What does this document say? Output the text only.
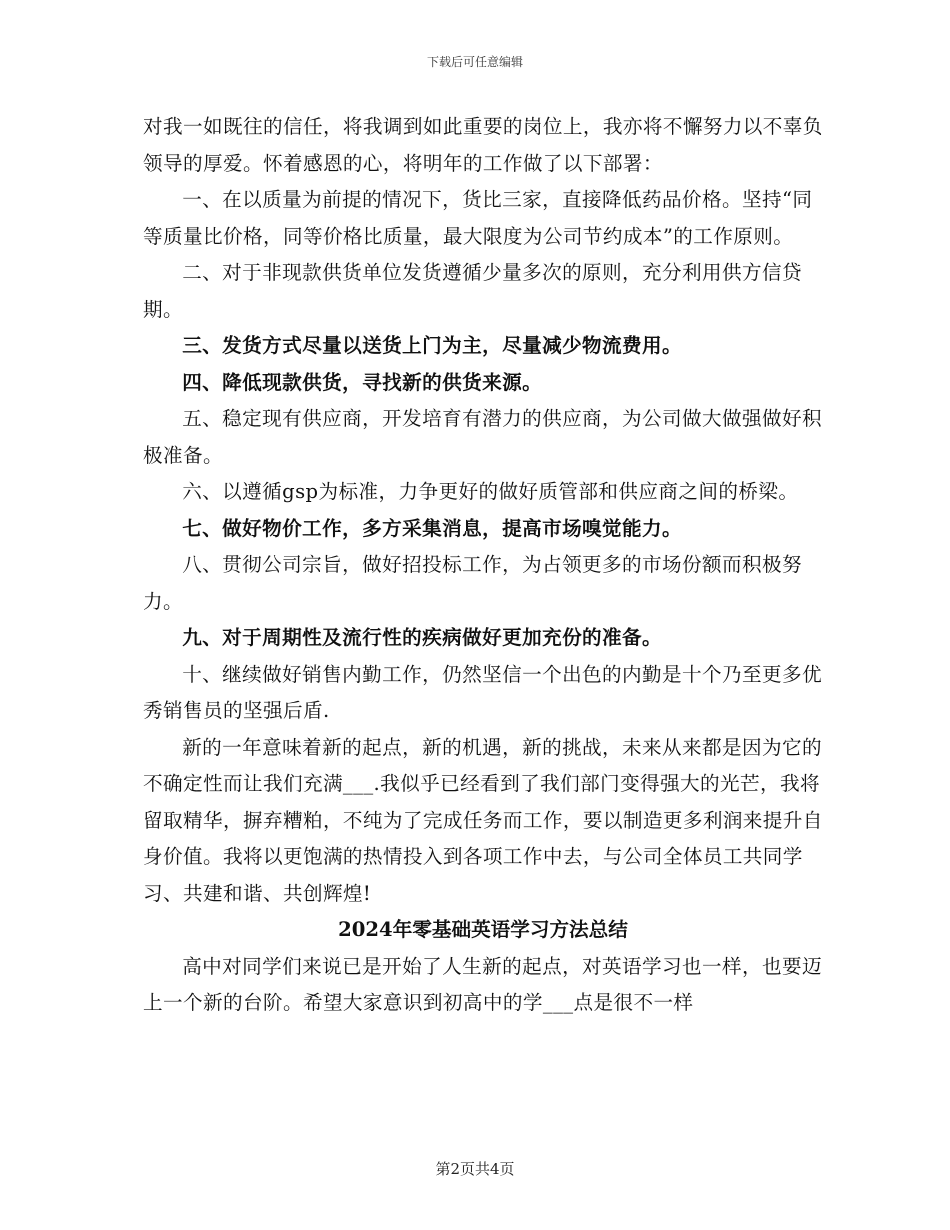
下载后可任意编辑

对我一如既往的信任，将我调到如此重要的岗位上，我亦将不懈努力以不辜负领导的厚爱。怀着感恩的心，将明年的工作做了以下部署：

一、在以质量为前提的情况下，货比三家，直接降低药品价格。坚持“同等质量比价格，同等价格比质量，最大限度为公司节约成本”的工作原则。

二、对于非现款供货单位发货遵循少量多次的原则，充分利用供方信贷期。

三、发货方式尽量以送货上门为主，尽量减少物流费用。

四、降低现款供货，寻找新的供货来源。

五、稳定现有供应商，开发培育有潜力的供应商，为公司做大做强做好积极准备。

六、以遵循gsp为标准，力争更好的做好质管部和供应商之间的桥梁。

七、做好物价工作，多方采集消息，提高市场嗅觉能力。

八、贯彻公司宗旨，做好招投标工作，为占领更多的市场份额而积极努力。

九、对于周期性及流行性的疾病做好更加充份的准备。

十、继续做好销售内勤工作，仍然坚信一个出色的内勤是十个乃至更多优秀销售员的坚强后盾.

新的一年意味着新的起点，新的机遇，新的挑战，未来从来都是因为它的不确定性而让我们充满___.我似乎已经看到了我们部门变得强大的光芒，我将留取精华，摒弃糟粕，不纯为了完成任务而工作，要以制造更多利润来提升自身价值。我将以更饱满的热情投入到各项工作中去，与公司全体员工共同学习、共建和谐、共创辉煌!

2024年零基础英语学习方法总结

高中对同学们来说已是开始了人生新的起点，对英语学习也一样，也要迈上一个新的台阶。希望大家意识到初高中的学___点是很不一样

第2页共4页
